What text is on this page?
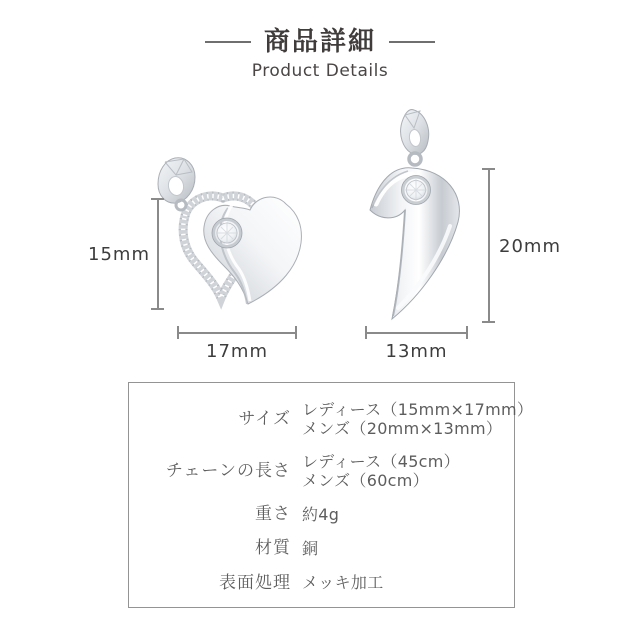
商品詳細
Product Details
15mm
17mm
20mm
13mm
サイズ レディース（15mm×17mm）
メンズ（20mm×13mm）
チェーンの長さ レディース（45cm）
メンズ（60cm）
重さ 約4g
材質 銅
表面処理 メッキ加工
